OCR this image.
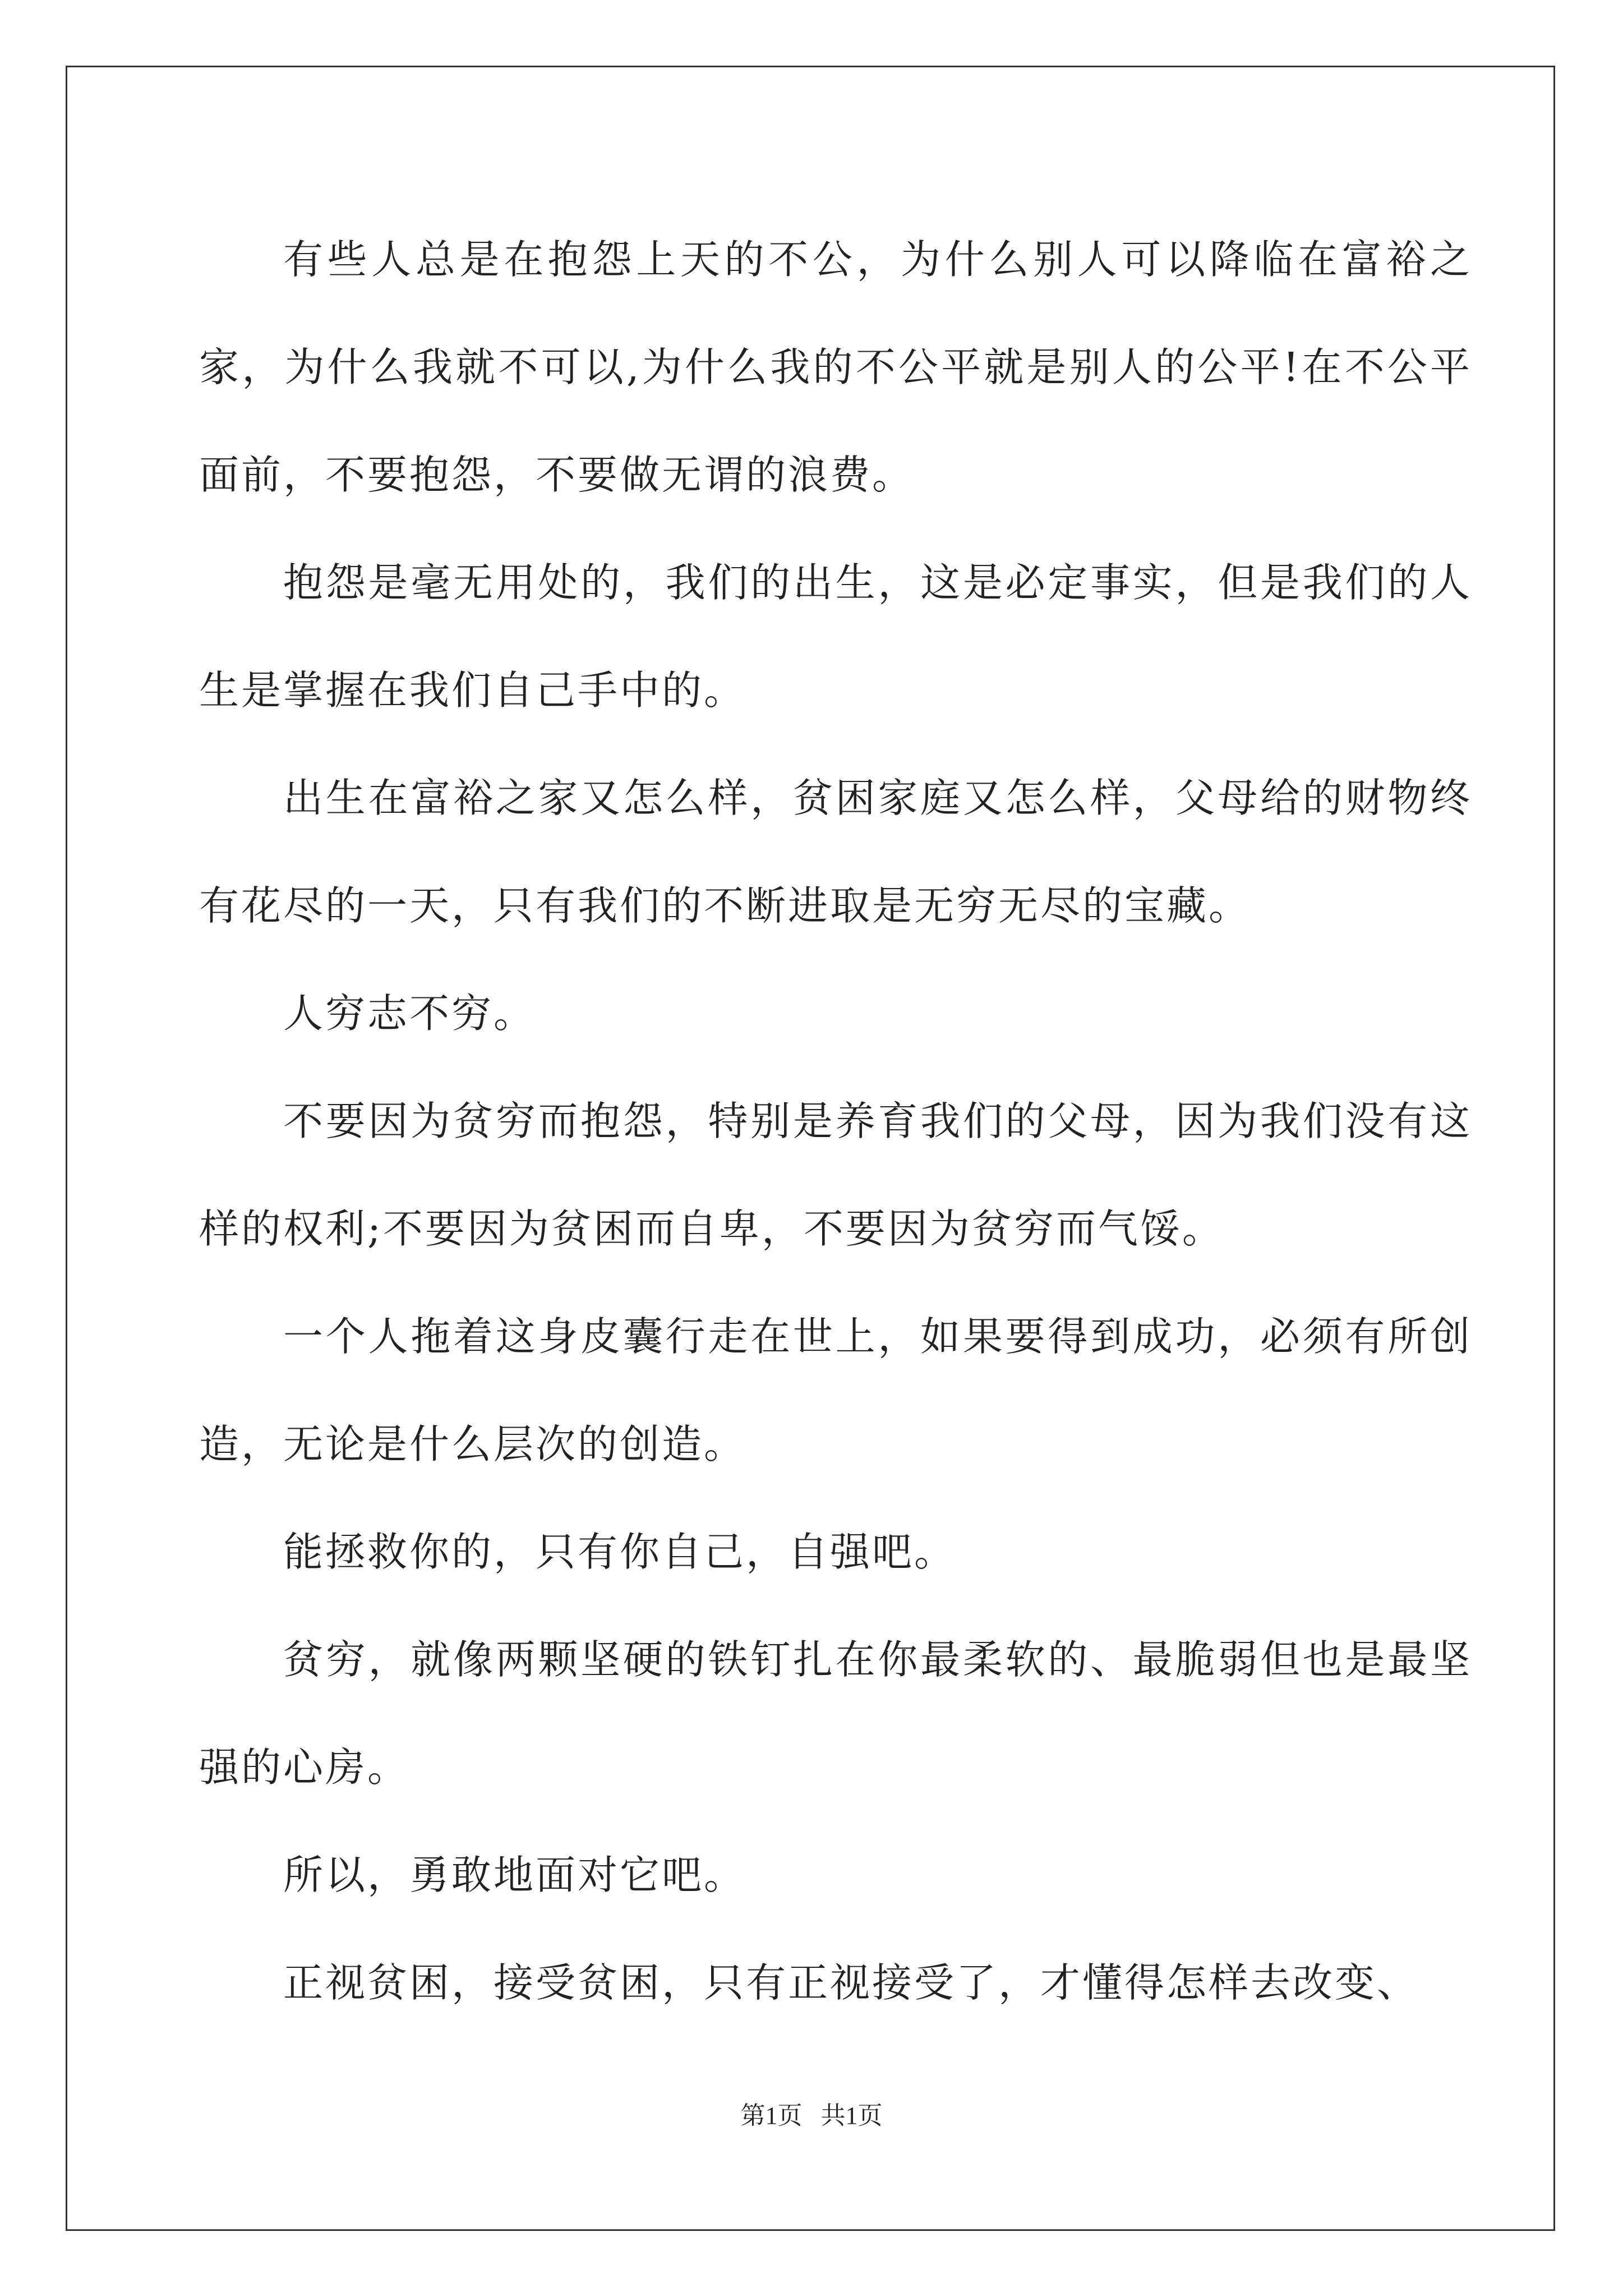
有些人总是在抱怨上天的不公，为什么别人可以降临在富裕之家，为什么我就不可以,为什么我的不公平就是别人的公平!在不公平面前，不要抱怨，不要做无谓的浪费。

抱怨是毫无用处的，我们的出生，这是必定事实，但是我们的人生是掌握在我们自己手中的。

出生在富裕之家又怎么样，贫困家庭又怎么样，父母给的财物终有花尽的一天，只有我们的不断进取是无穷无尽的宝藏。

人穷志不穷。

不要因为贫穷而抱怨，特别是养育我们的父母，因为我们没有这样的权利;不要因为贫困而自卑，不要因为贫穷而气馁。

一个人拖着这身皮囊行走在世上，如果要得到成功，必须有所创造，无论是什么层次的创造。

能拯救你的，只有你自己，自强吧。

贫穷，就像两颗坚硬的铁钉扎在你最柔软的、最脆弱但也是最坚强的心房。

所以，勇敢地面对它吧。

正视贫困，接受贫困，只有正视接受了，才懂得怎样去改变、

第1页 共1页
